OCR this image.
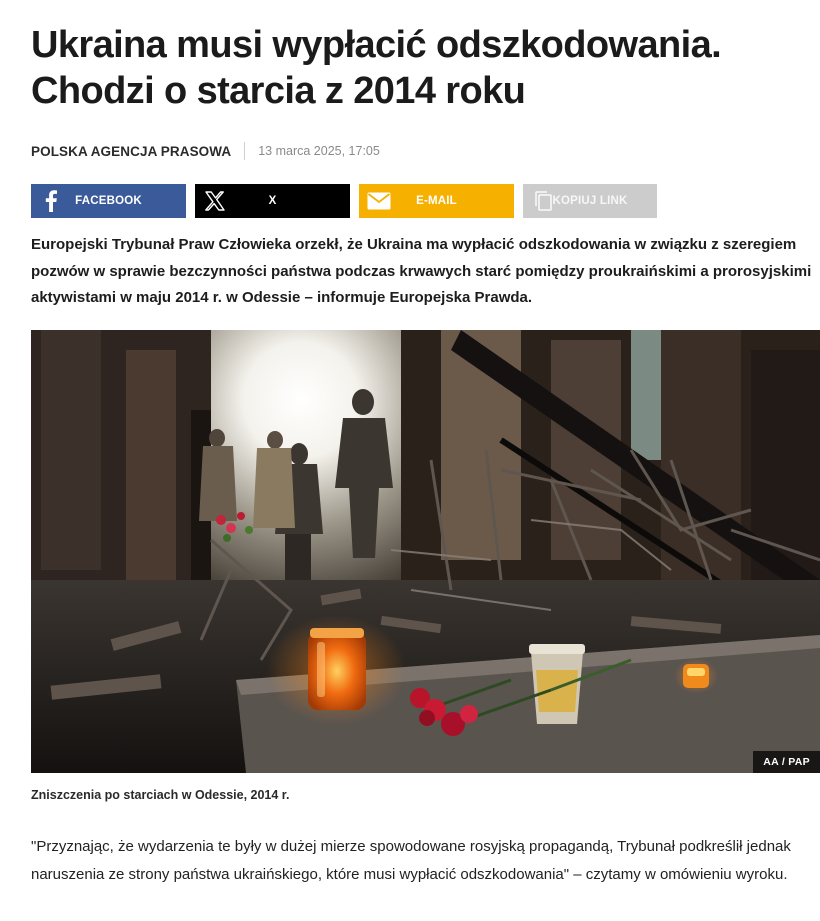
Ukraina musi wypłacić odszkodowania. Chodzi o starcia z 2014 roku
POLSKA AGENCJA PRASOWA 13 marca 2025, 17:05
FACEBOOK	X	E-MAIL	KOPIUJ LINK

Europejski Trybunał Praw Człowieka orzekł, że Ukraina ma wypłacić odszkodowania w związku z szeregiem pozwów w sprawie bezczynności państwa podczas krwawych starć pomiędzy proukraińskimi a prorosyjskimi aktywistami w maju 2014 r. w Odessie – informuje Europejska Prawda.

AA / PAP

Zniszczenia po starciach w Odessie, 2014 r.

"Przyznając, że wydarzenia te były w dużej mierze spowodowane rosyjską propagandą, Trybunał podkreślił jednak naruszenia ze strony państwa ukraińskiego, które musi wypłacić odszkodowania" – czytamy w omówieniu wyroku.
